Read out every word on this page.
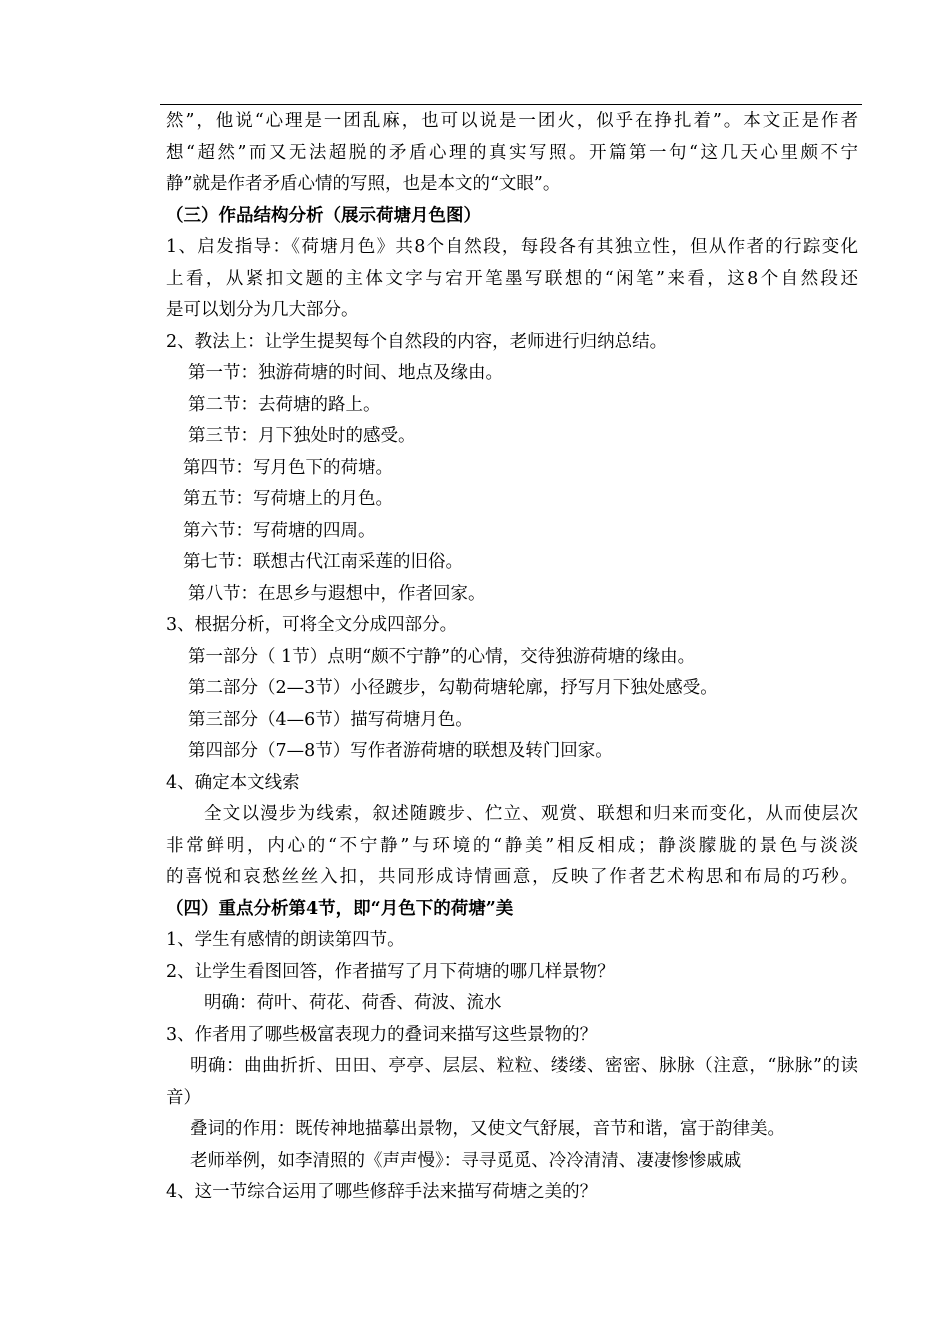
然”，他说“心理是一团乱麻，也可以说是一团火，似乎在挣扎着”。本文正是作者
想“超然”而又无法超脱的矛盾心理的真实写照。开篇第一句“这几天心里颇不宁
静”就是作者矛盾心情的写照，也是本文的“文眼”。
（三）作品结构分析（展示荷塘月色图）
1、启发指导：《荷塘月色》共8个自然段，每段各有其独立性，但从作者的行踪变化
上看，从紧扣文题的主体文字与宕开笔墨写联想的“闲笔”来看，这8个自然段还
是可以划分为几大部分。
2、教法上：让学生提契每个自然段的内容，老师进行归纳总结。
第一节：独游荷塘的时间、地点及缘由。
第二节：去荷塘的路上。
第三节：月下独处时的感受。
第四节：写月色下的荷塘。
第五节：写荷塘上的月色。
第六节：写荷塘的四周。
第七节：联想古代江南采莲的旧俗。
第八节：在思乡与遐想中，作者回家。
3、根据分析，可将全文分成四部分。
第一部分（ 1节）点明“颇不宁静”的心情，交待独游荷塘的缘由。
第二部分（2—3节）小径踱步，勾勒荷塘轮廓，抒写月下独处感受。
第三部分（4—6节）描写荷塘月色。
第四部分（7—8节）写作者游荷塘的联想及转门回家。
4、确定本文线索
全文以漫步为线索，叙述随踱步、伫立、观赏、联想和归来而变化，从而使层次
非常鲜明，内心的“不宁静”与环境的“静美”相反相成；静淡朦胧的景色与淡淡
的喜悦和哀愁丝丝入扣，共同形成诗情画意，反映了作者艺术构思和布局的巧秒。
（四）重点分析第4节，即“月色下的荷塘”美
1、学生有感情的朗读第四节。
2、让学生看图回答，作者描写了月下荷塘的哪几样景物？
明确：荷叶、荷花、荷香、荷波、流水
3、作者用了哪些极富表现力的叠词来描写这些景物的？
明确：曲曲折折、田田、亭亭、层层、粒粒、缕缕、密密、脉脉（注意，“脉脉”的读
音）
叠词的作用：既传神地描摹出景物，又使文气舒展，音节和谐，富于韵律美。
老师举例，如李清照的《声声慢》：寻寻觅觅、冷冷清清、凄凄惨惨戚戚
4、这一节综合运用了哪些修辞手法来描写荷塘之美的？
